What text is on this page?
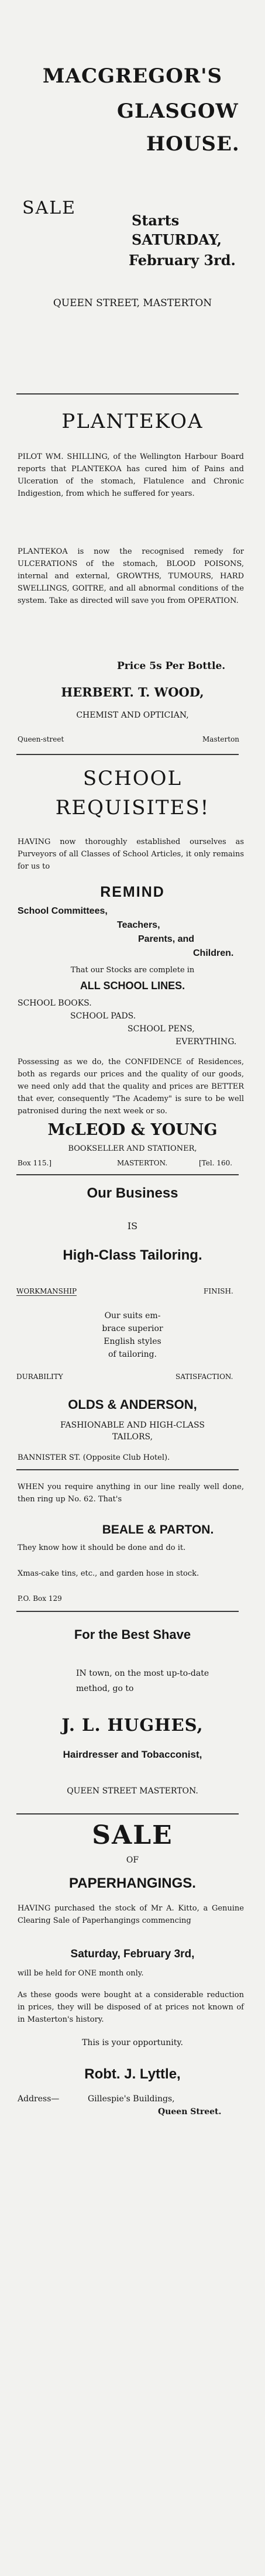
MACGREGOR'S
GLASGOW
HOUSE.
SALE
Starts
SATURDAY,
February 3rd.
QUEEN STREET, MASTERTON
PLANTEKOA
PILOT WM. SHILLING, of the Wellington Harbour Board reports that PLANTEKOA has cured him of Pains and Ulceration of the stomach, Flatulence and Chronic Indigestion, from which he suffered for years.
PLANTEKOA is now the recognised remedy for ULCERATIONS of the stomach, BLOOD POISONS, internal and external, GROWTHS, TUMOURS, HARD SWELLINGS, GOITRE, and all abnormal conditions of the system. Take as directed will save you from OPERATION.
Price 5s Per Bottle.
HERBERT. T. WOOD,
CHEMIST AND OPTICIAN,
Queen-street	Masterton
SCHOOL
REQUISITES!
HAVING now thoroughly established ourselves as Purveyors of all Classes of School Articles, it only remains for us to
REMIND
School Committees,
Teachers,
Parents, and
Children.
That our Stocks are complete in
ALL SCHOOL LINES.
SCHOOL BOOKS.
SCHOOL PADS.
SCHOOL PENS,
EVERYTHING.
Possessing as we do, the CONFIDENCE of Residences, both as regards our prices and the quality of our goods, we need only add that the quality and prices are BETTER that ever, consequently "The Academy" is sure to be well patronised during the next week or so.
McLEOD & YOUNG
BOOKSELLER AND STATIONER,
Box 115.]	MASTERTON.	[Tel. 160.
Our Business
IS
High-Class Tailoring.
WORKMANSHIP	FINISH.
Our suits em-
brace superior
English styles
of tailoring.
DURABILITY	SATISFACTION.
OLDS & ANDERSON,
FASHIONABLE AND HIGH-CLASS
TAILORS,
BANNISTER ST. (Opposite Club Hotel).
WHEN you require anything in our line really well done, then ring up No. 62. That's
BEALE & PARTON.
They know how it should be done and do it.
Xmas-cake tins, etc., and garden hose in stock.
P.O. Box 129
For the Best Shave
IN town, on the most up-to-date method, go to
J. L. HUGHES,
Hairdresser and Tobacconist,
QUEEN STREET MASTERTON.
SALE
OF
PAPERHANGINGS.
HAVING purchased the stock of Mr A. Kitto, a Genuine Clearing Sale of Paperhangings commencing
Saturday, February 3rd,
will be held for ONE month only.
As these goods were bought at a considerable reduction in prices, they will be disposed of at prices not known of in Masterton's history.
This is your opportunity.
Robt. J. Lyttle,
Address—	Gillespie's Buildings,
Queen Street.
